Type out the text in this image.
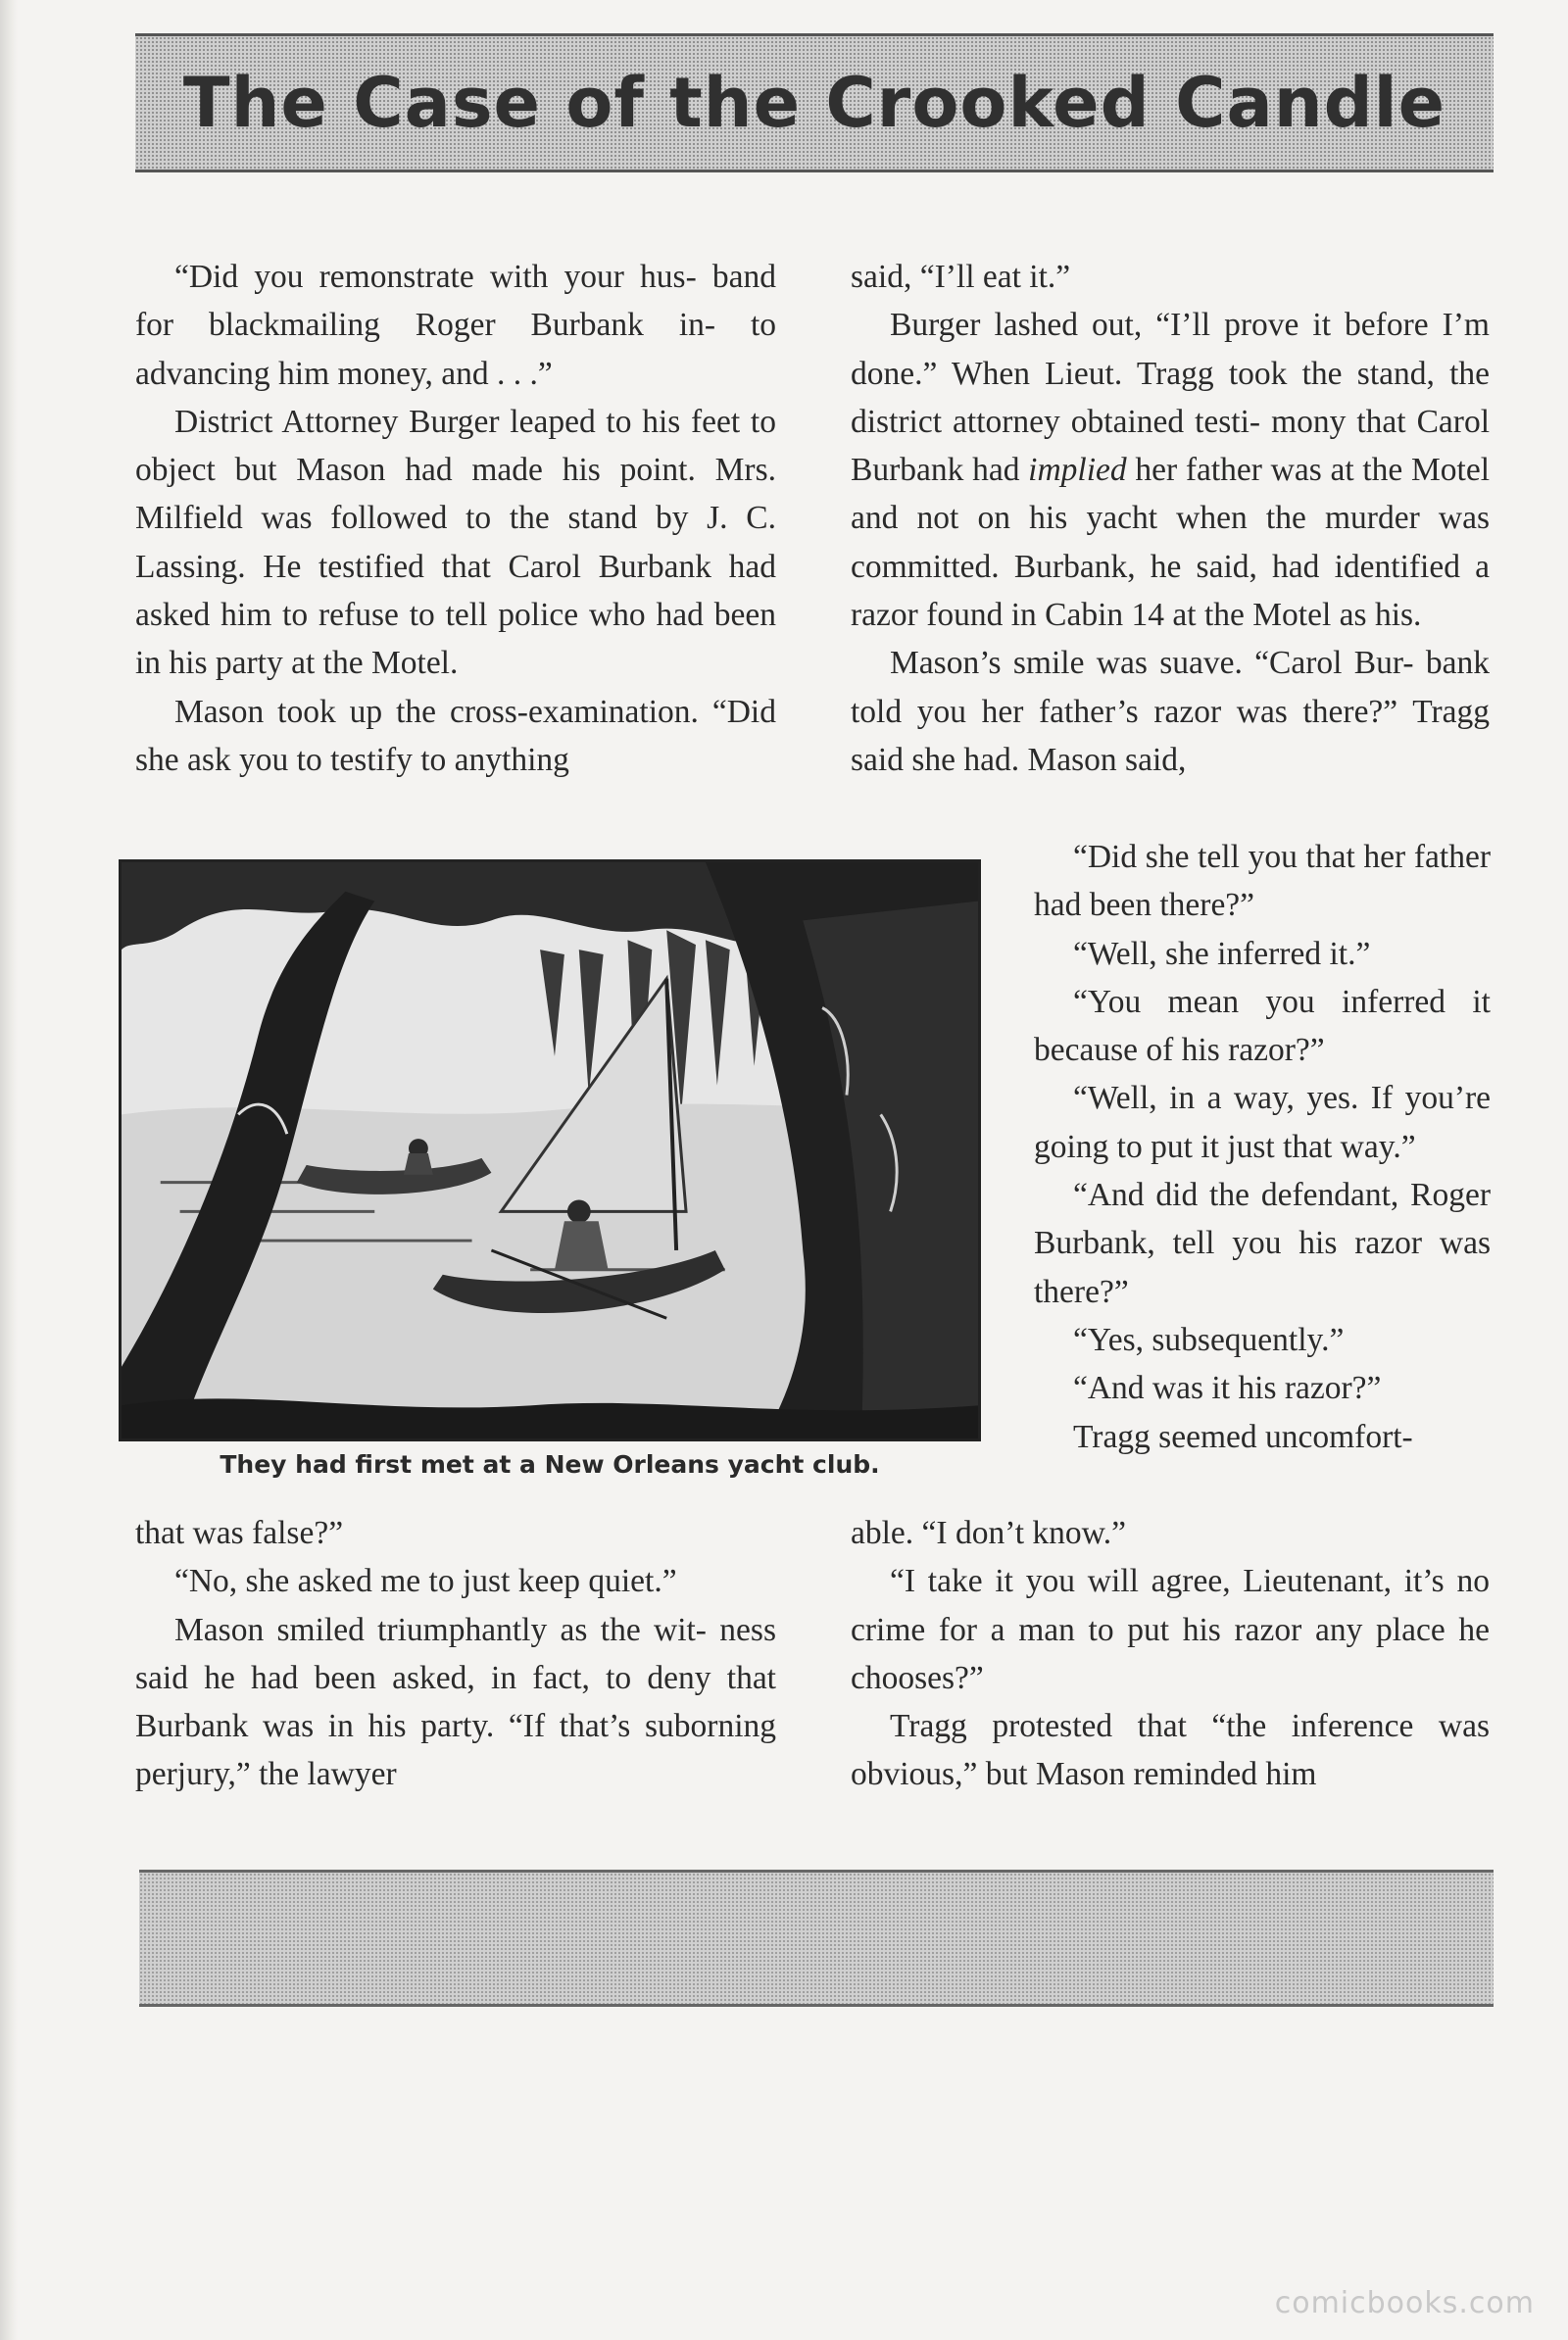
The Case of the Crooked Candle

“Did you remonstrate with your hus- band for blackmailing Roger Burbank in- to advancing him money, and . . .”

District Attorney Burger leaped to his feet to object but Mason had made his point. Mrs. Milfield was followed to the stand by J. C. Lassing. He testified that Carol Burbank had asked him to refuse to tell police who had been in his party at the Motel.

Mason took up the cross-examination. “Did she ask you to testify to anything

said, “I’ll eat it.”

Burger lashed out, “I’ll prove it before I’m done.” When Lieut. Tragg took the stand, the district attorney obtained testi- mony that Carol Burbank had implied her father was at the Motel and not on his yacht when the murder was committed. Burbank, he said, had identified a razor found in Cabin 14 at the Motel as his.

Mason’s smile was suave. “Carol Bur- bank told you her father’s razor was there?” Tragg said she had. Mason said,

“Did she tell you that her father had been there?”

“Well, she inferred it.”

“You mean you inferred it because of his razor?”

“Well, in a way, yes. If you’re going to put it just that way.”

“And did the defendant, Roger Burbank, tell you his razor was there?”

“Yes, subsequently.”

“And was it his razor?”

Tragg seemed uncomfort-

They had first met at a New Orleans yacht club.

that was false?”

“No, she asked me to just keep quiet.”

Mason smiled triumphantly as the wit- ness said he had been asked, in fact, to deny that Burbank was in his party. “If that’s suborning perjury,” the lawyer

able. “I don’t know.”

“I take it you will agree, Lieutenant, it’s no crime for a man to put his razor any place he chooses?”

Tragg protested that “the inference was obvious,” but Mason reminded him

comicbooks.com
